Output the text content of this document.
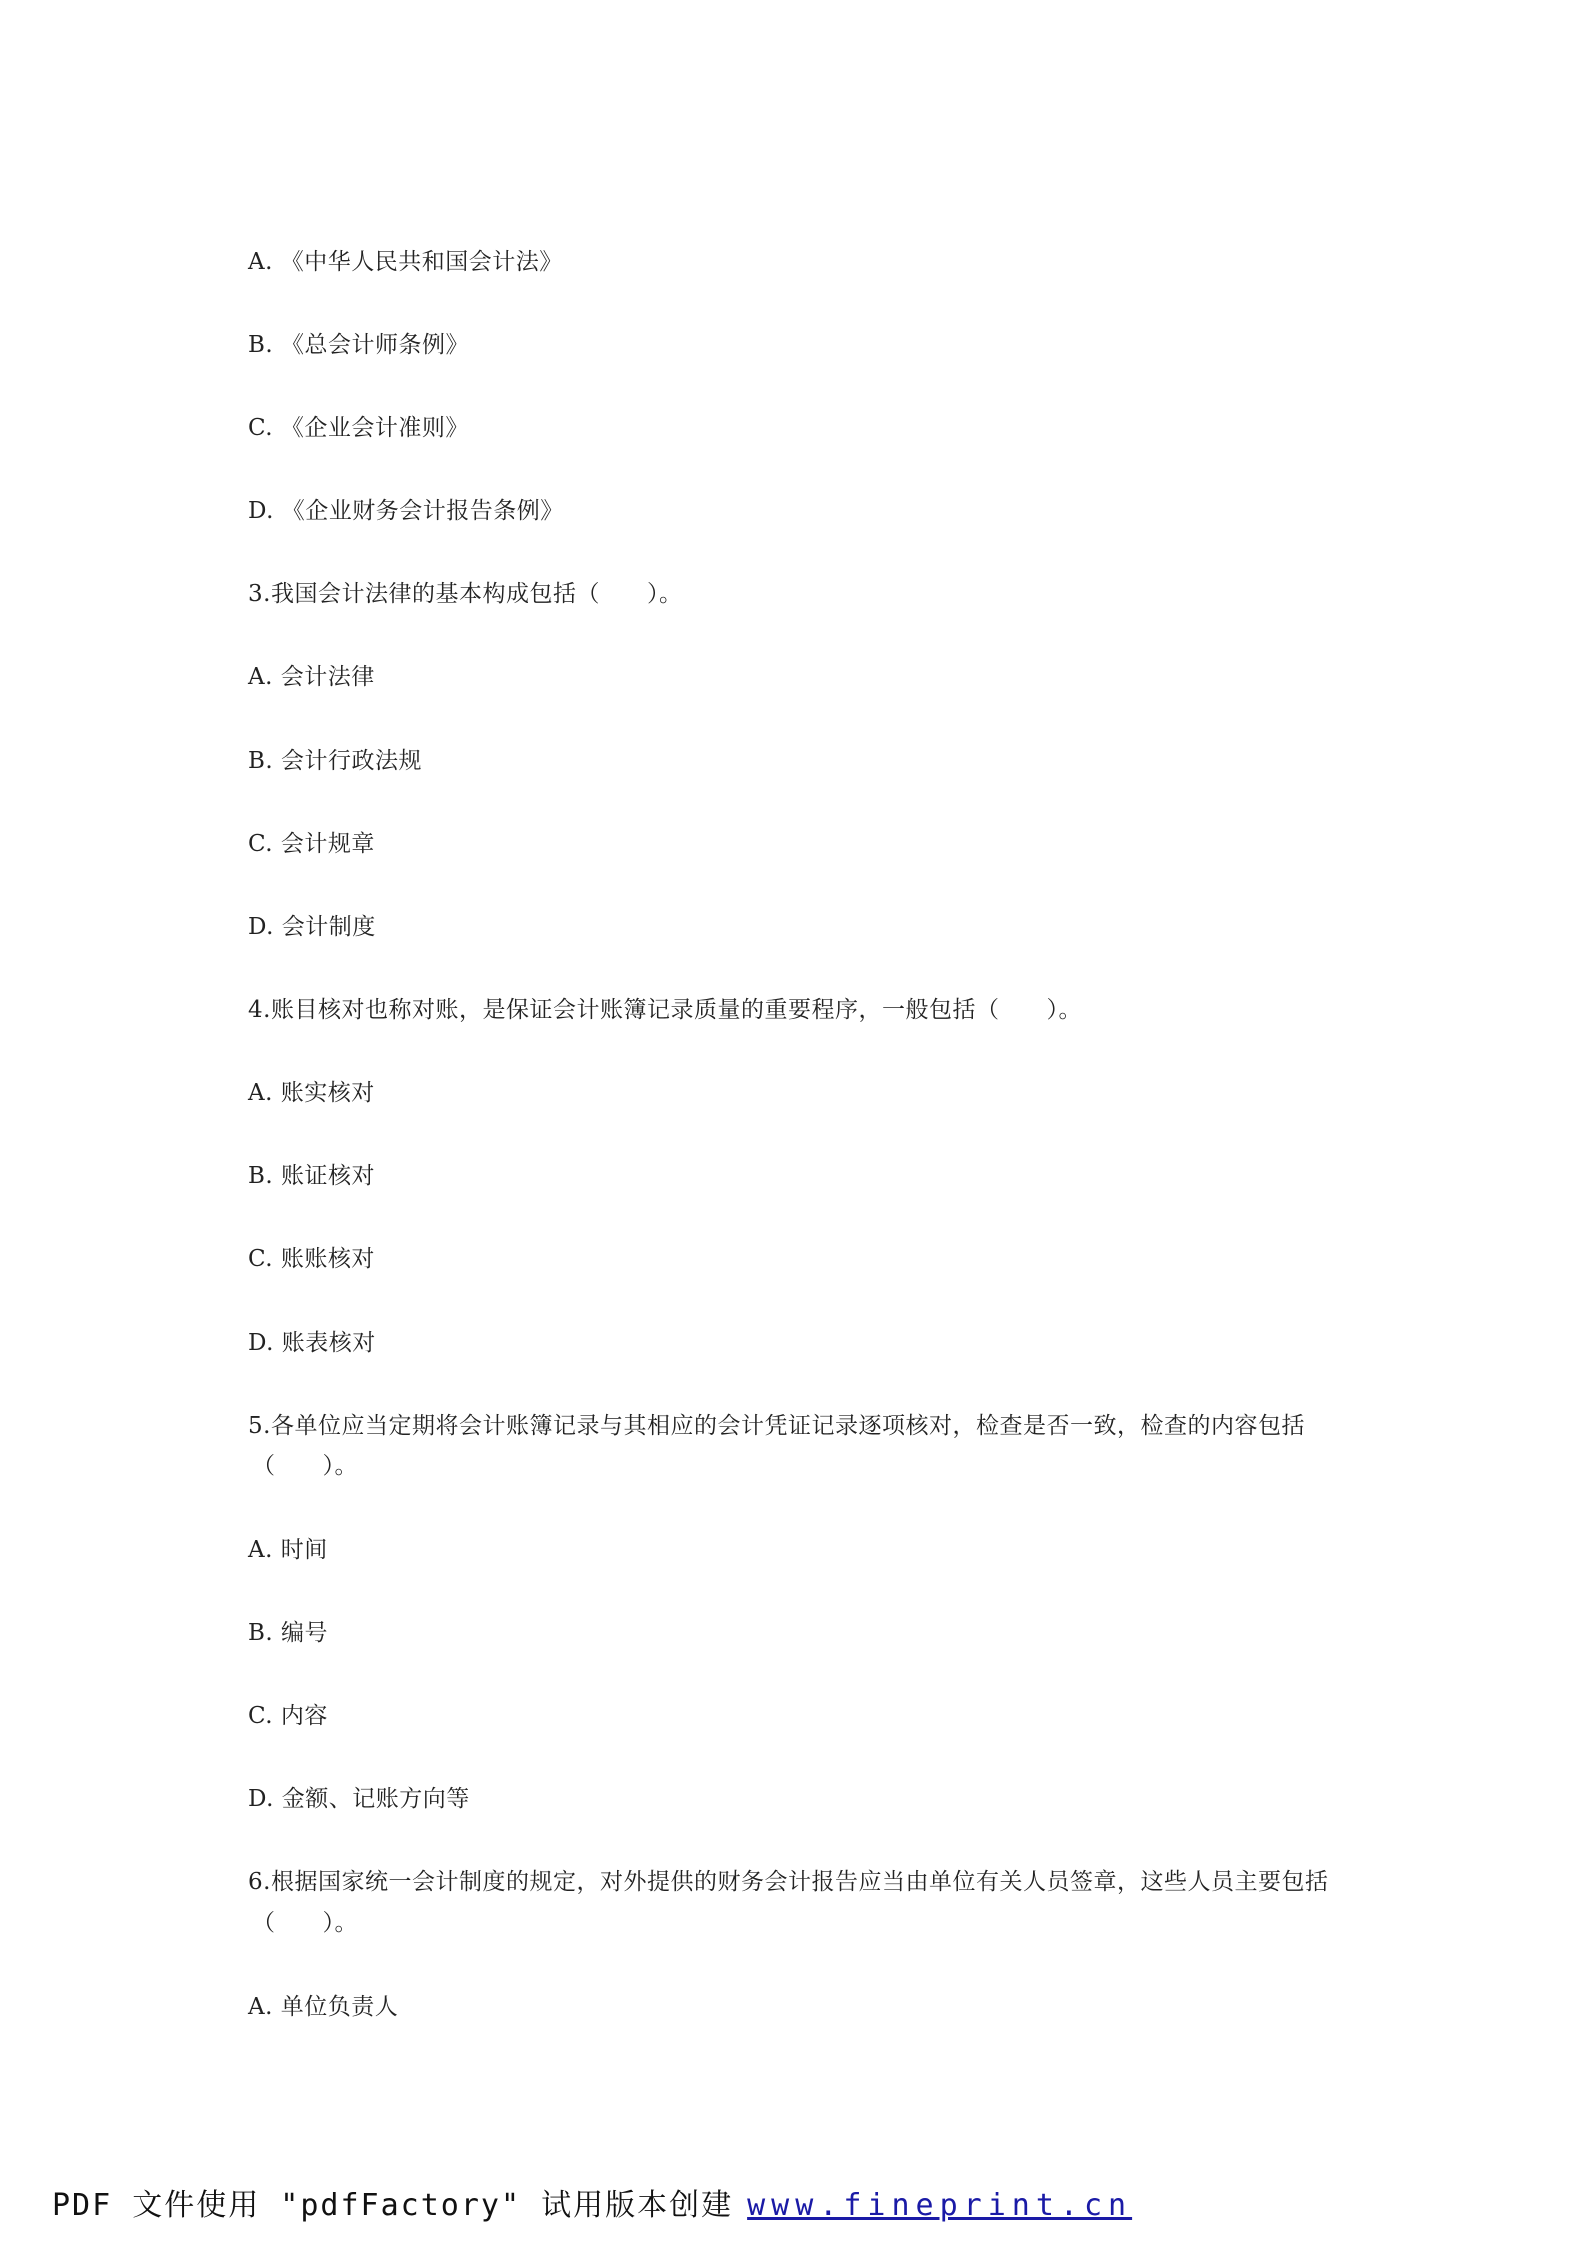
A. 《中华人民共和国会计法》
B. 《总会计师条例》
C. 《企业会计准则》
D. 《企业财务会计报告条例》
3.我国会计法律的基本构成包括（　　）。
A. 会计法律
B. 会计行政法规
C. 会计规章
D. 会计制度
4.账目核对也称对账，是保证会计账簿记录质量的重要程序，一般包括（　　）。
A. 账实核对
B. 账证核对
C. 账账核对
D. 账表核对
5.各单位应当定期将会计账簿记录与其相应的会计凭证记录逐项核对，检查是否一致，检查的内容包括
（　　）。
A. 时间
B. 编号
C. 内容
D. 金额、记账方向等
6.根据国家统一会计制度的规定，对外提供的财务会计报告应当由单位有关人员签章，这些人员主要包括
（　　）。
A. 单位负责人
PDF 文件使用 "pdfFactory" 试用版本创建 www.fineprint.cn
